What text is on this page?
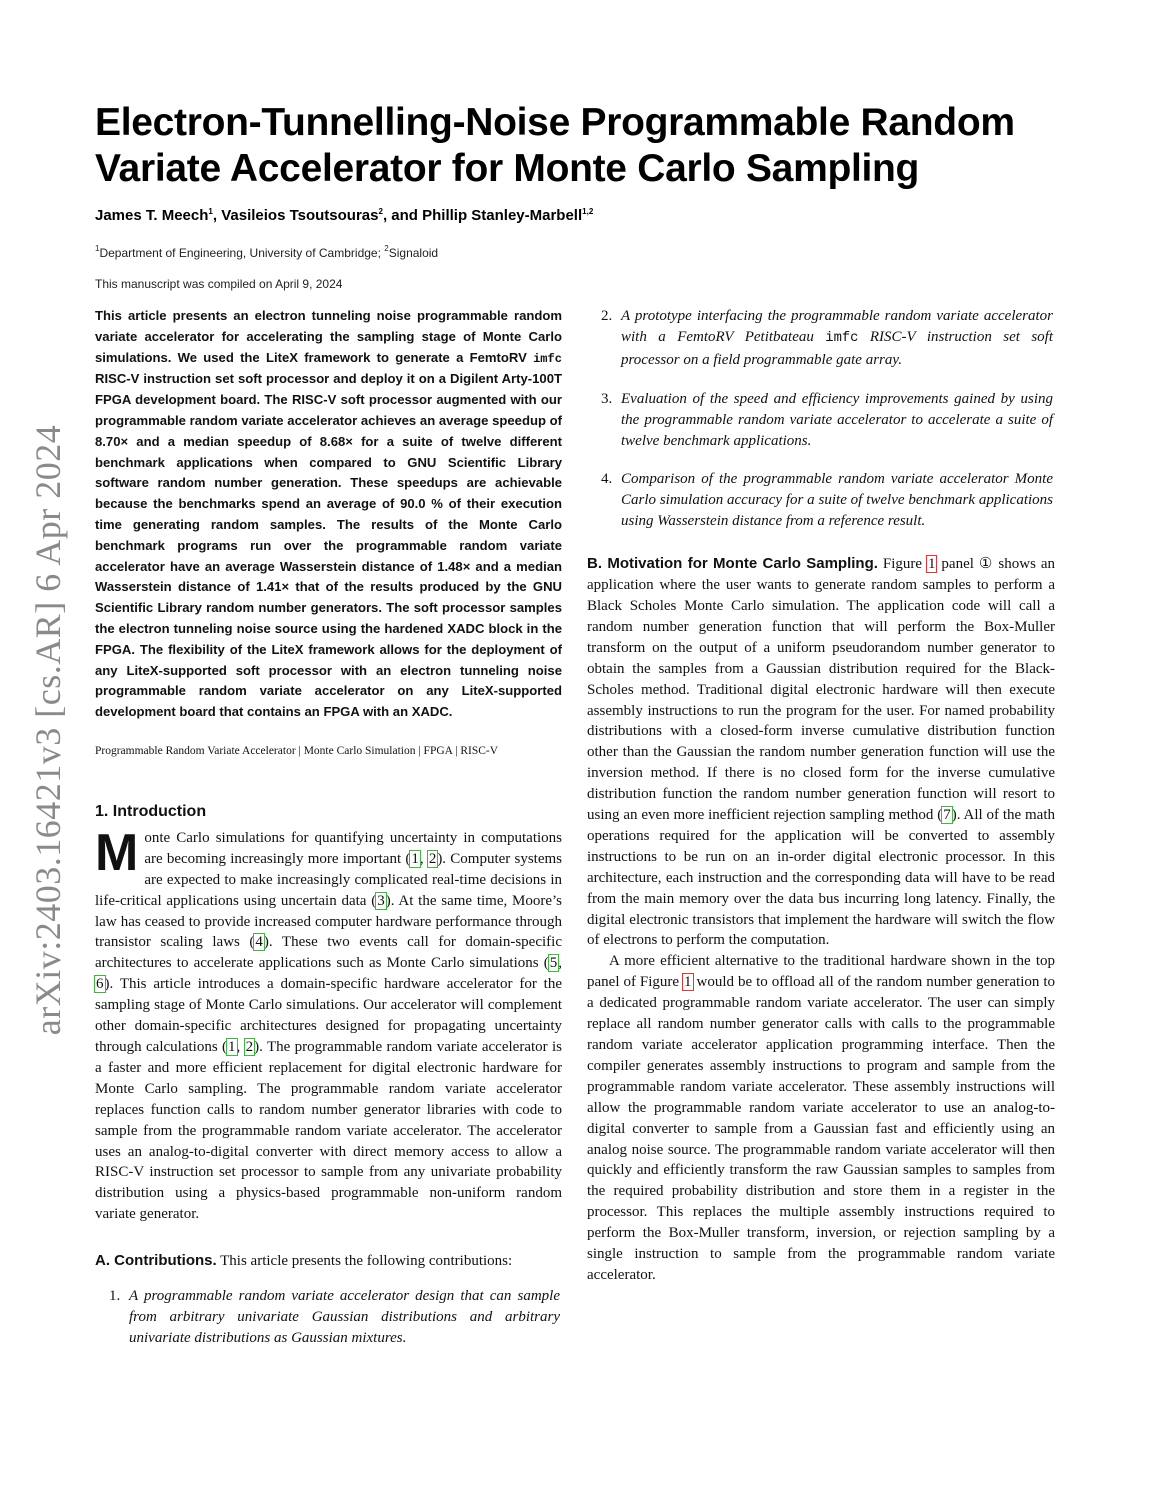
arXiv:2403.16421v3 [cs.AR] 6 Apr 2024
Electron-Tunnelling-Noise Programmable Random Variate Accelerator for Monte Carlo Sampling
James T. Meech$^1$, Vasileios Tsoutsouras$^2$, and Phillip Stanley-Marbell$^{1,2}$
$^1$Department of Engineering, University of Cambridge; $^2$Signaloid
This manuscript was compiled on April 9, 2024

This article presents an electron tunneling noise programmable random variate accelerator for accelerating the sampling stage of Monte Carlo simulations. We used the LiteX framework to generate a FemtoRV imfc RISC-V instruction set soft processor and deploy it on a Digilent Arty-100T FPGA development board. The RISC-V soft processor augmented with our programmable random variate accelerator achieves an average speedup of 8.70× and a median speedup of 8.68× for a suite of twelve different benchmark applications when compared to GNU Scientific Library software random number generation. These speedups are achievable because the benchmarks spend an average of 90.0 % of their execution time generating random samples. The results of the Monte Carlo benchmark programs run over the programmable random variate accelerator have an average Wasserstein distance of 1.48× and a median Wasserstein distance of 1.41× that of the results produced by the GNU Scientific Library random number generators. The soft processor samples the electron tunneling noise source using the hardened XADC block in the FPGA. The flexibility of the LiteX framework allows for the deployment of any LiteX-supported soft processor with an electron tunneling noise programmable random variate accelerator on any LiteX-supported development board that contains an FPGA with an XADC.

Programmable Random Variate Accelerator | Monte Carlo Simulation | FPGA | RISC-V
1. Introduction

Monte Carlo simulations for quantifying uncertainty in computations are becoming increasingly more important (1, 2). Computer systems are expected to make increasingly complicated real-time decisions in life-critical applications using uncertain data (3). At the same time, Moore’s law has ceased to provide increased computer hardware performance through transistor scaling laws (4). These two events call for domain-specific architectures to accelerate applications such as Monte Carlo simulations (5, 6). This article introduces a domain-specific hardware accelerator for the sampling stage of Monte Carlo simulations. Our accelerator will complement other domain-specific architectures designed for propagating uncertainty through calculations (1, 2). The programmable random variate accelerator is a faster and more efficient replacement for digital electronic hardware for Monte Carlo sampling. The programmable random variate accelerator replaces function calls to random number generator libraries with code to sample from the programmable random variate accelerator. The accelerator uses an analog-to-digital converter with direct memory access to allow a RISC-V instruction set processor to sample from any univariate probability distribution using a physics-based programmable non-uniform random variate generator.

A. Contributions. This article presents the following contributions:

1. A programmable random variate accelerator design that can sample from arbitrary univariate Gaussian distributions and arbitrary univariate distributions as Gaussian mixtures.
2. A prototype interfacing the programmable random variate accelerator with a FemtoRV Petitbateau imfc RISC-V instruction set soft processor on a field programmable gate array.
3. Evaluation of the speed and efficiency improvements gained by using the programmable random variate accelerator to accelerate a suite of twelve benchmark applications.
4. Comparison of the programmable random variate accelerator Monte Carlo simulation accuracy for a suite of twelve benchmark applications using Wasserstein distance from a reference result.

B. Motivation for Monte Carlo Sampling. Figure 1 panel ① shows an application where the user wants to generate random samples to perform a Black Scholes Monte Carlo simulation. The application code will call a random number generation function that will perform the Box-Muller transform on the output of a uniform pseudorandom number generator to obtain the samples from a Gaussian distribution required for the Black-Scholes method. Traditional digital electronic hardware will then execute assembly instructions to run the program for the user. For named probability distributions with a closed-form inverse cumulative distribution function other than the Gaussian the random number generation function will use the inversion method. If there is no closed form for the inverse cumulative distribution function the random number generation function will resort to using an even more inefficient rejection sampling method (7). All of the math operations required for the application will be converted to assembly instructions to be run on an in-order digital electronic processor. In this architecture, each instruction and the corresponding data will have to be read from the main memory over the data bus incurring long latency. Finally, the digital electronic transistors that implement the hardware will switch the flow of electrons to perform the computation.

A more efficient alternative to the traditional hardware shown in the top panel of Figure 1 would be to offload all of the random number generation to a dedicated programmable random variate accelerator. The user can simply replace all random number generator calls with calls to the programmable random variate accelerator application programming interface. Then the compiler generates assembly instructions to program and sample from the programmable random variate accelerator. These assembly instructions will allow the programmable random variate accelerator to use an analog-to-digital converter to sample from a Gaussian fast and efficiently using an analog noise source. The programmable random variate accelerator will then quickly and efficiently transform the raw Gaussian samples to samples from the required probability distribution and store them in a register in the processor. This replaces the multiple assembly instructions required to perform the Box-Muller transform, inversion, or rejection sampling by a single instruction to sample from the programmable random variate accelerator.
